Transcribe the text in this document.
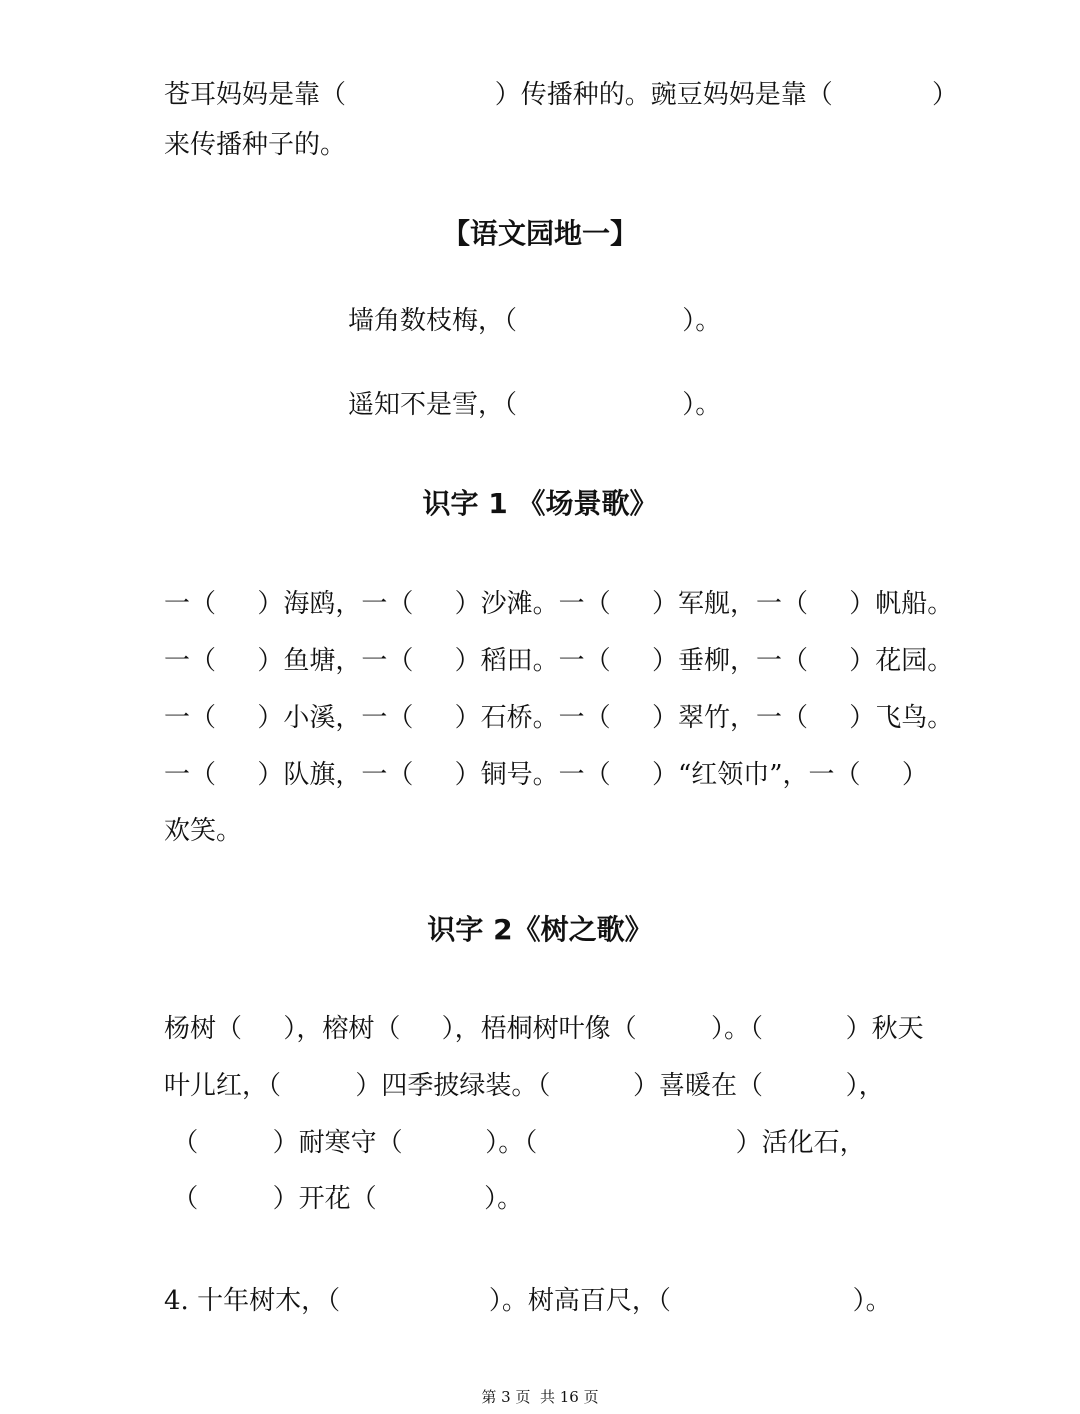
苍耳妈妈是靠（                  ）传播种的。豌豆妈妈是靠（            ）
来传播种子的。
【语文园地一】
墙角数枝梅，（                    ）。
遥知不是雪，（                    ）。
识字 1 《场景歌》
一（     ）海鸥，一（     ）沙滩。一（     ）军舰，一（     ）帆船。
一（     ）鱼塘，一（     ）稻田。一（     ）垂柳，一（     ）花园。
一（     ）小溪，一（     ）石桥。一（     ）翠竹，一（     ）飞鸟。
一（     ）队旗，一（     ）铜号。一（     ）“红领巾”，一（     ）
欢笑。
识字 2《树之歌》
杨树（     ），榕树（     ），梧桐树叶像（         ）。（          ）秋天
叶儿红，（         ）四季披绿装。（          ）喜暖在（          ），
（         ）耐寒守（          ）。（                        ）活化石，
（         ）开花（             ）。
4. 十年树木，（                  ）。树高百尺，（                      ）。
第 3 页  共 16 页
